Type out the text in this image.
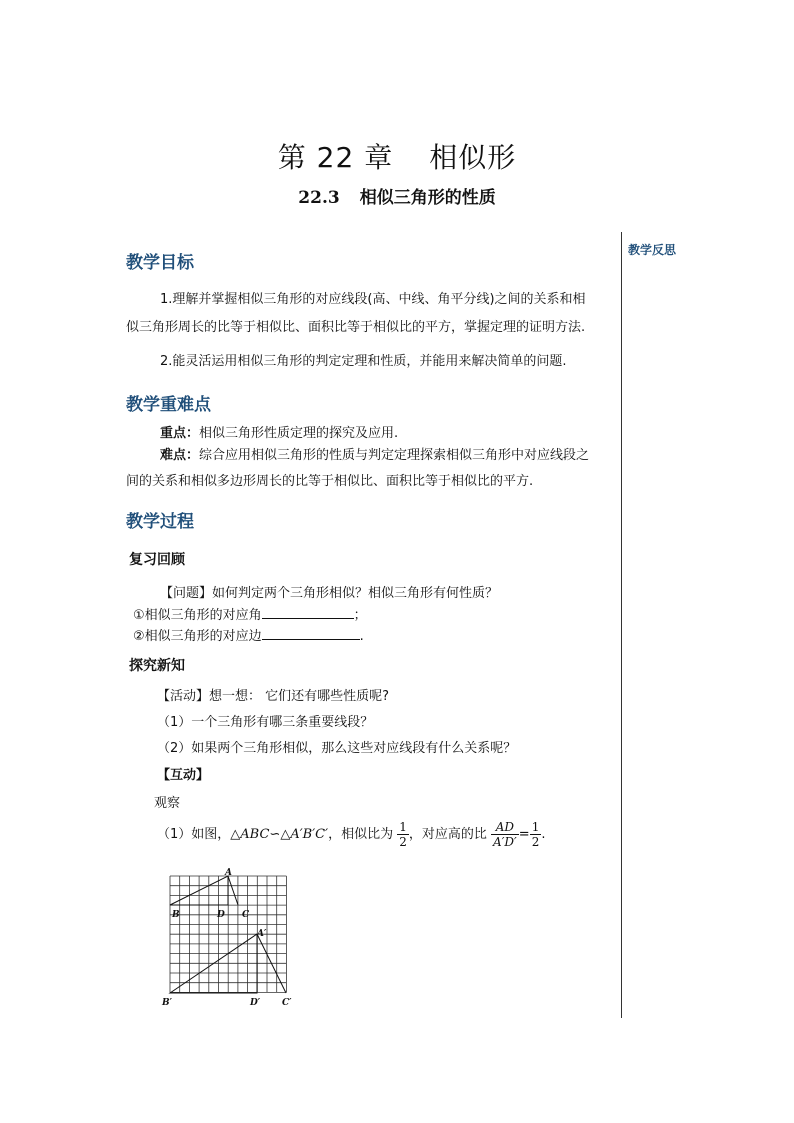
第 22 章 相似形
22.3 相似三角形的性质
教学反思
教学目标
1.理解并掌握相似三角形的对应线段(高、中线、角平分线)之间的关系和相
似三角形周长的比等于相似比、面积比等于相似比的平方，掌握定理的证明方法.
2.能灵活运用相似三角形的判定定理和性质，并能用来解决简单的问题.
教学重难点
重点：相似三角形性质定理的探究及应用.
难点：综合应用相似三角形的性质与判定定理探索相似三角形中对应线段之
间的关系和相似多边形周长的比等于相似比、面积比等于相似比的平方.
教学过程
复习回顾
【问题】如何判定两个三角形相似？相似三角形有何性质？
①相似三角形的对应角	；
②相似三角形的对应边	.
探究新知
【活动】想一想： 它们还有哪些性质呢?
（1）一个三角形有哪三条重要线段？
（2）如果两个三角形相似，那么这些对应线段有什么关系呢？
【互动】
观察
（1）如图，△ABC∽△A′B′C′，相似比为 $\frac{1}{2}$ ，对应高的比 $\frac{AD}{A'D'} = \frac{1}{2}$ .
A
B	D C
A′
B′	D′ C′
